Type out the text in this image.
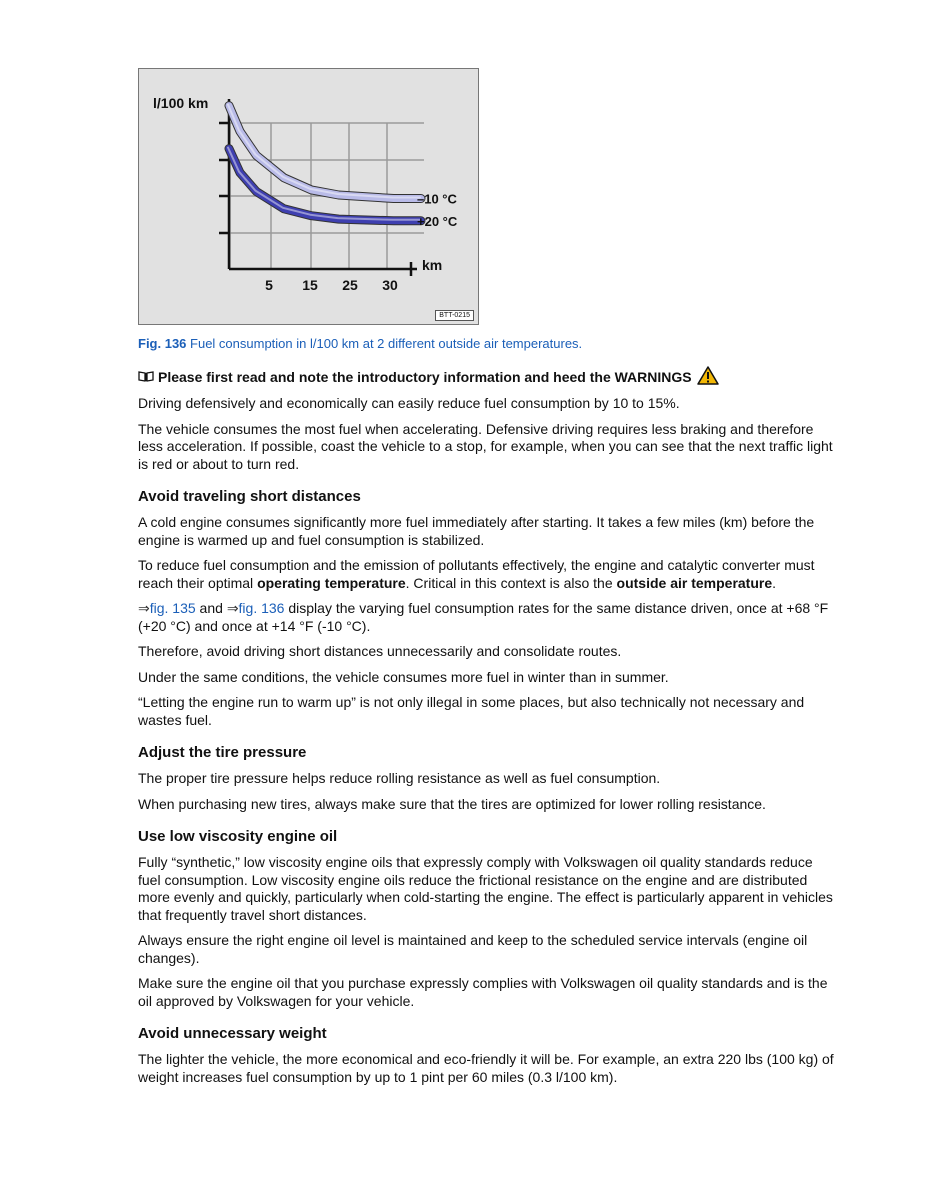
l/100 km
km
5 15 25 30
–10 °C
+20 °C
BTT-0215
Fig. 136 Fuel consumption in l/100 km at 2 different outside air temperatures.
Please first read and note the introductory information and heed the WARNINGS

Driving defensively and economically can easily reduce fuel consumption by 10 to 15%.

The vehicle consumes the most fuel when accelerating. Defensive driving requires less braking and therefore less acceleration. If possible, coast the vehicle to a stop, for example, when you can see that the next traffic light is red or about to turn red.

Avoid traveling short distances

A cold engine consumes significantly more fuel immediately after starting. It takes a few miles (km) before the engine is warmed up and fuel consumption is stabilized.

To reduce fuel consumption and the emission of pollutants effectively, the engine and catalytic converter must reach their optimal operating temperature. Critical in this context is also the outside air temperature.

⇒fig. 135 and ⇒fig. 136 display the varying fuel consumption rates for the same distance driven, once at +68 °F (+20 °C) and once at +14 °F (-10 °C).

Therefore, avoid driving short distances unnecessarily and consolidate routes.

Under the same conditions, the vehicle consumes more fuel in winter than in summer.

“Letting the engine run to warm up” is not only illegal in some places, but also technically not necessary and wastes fuel.

Adjust the tire pressure

The proper tire pressure helps reduce rolling resistance as well as fuel consumption.

When purchasing new tires, always make sure that the tires are optimized for lower rolling resistance.

Use low viscosity engine oil

Fully “synthetic,” low viscosity engine oils that expressly comply with Volkswagen oil quality standards reduce fuel consumption. Low viscosity engine oils reduce the frictional resistance on the engine and are distributed more evenly and quickly, particularly when cold-starting the engine. The effect is particularly apparent in vehicles that frequently travel short distances.

Always ensure the right engine oil level is maintained and keep to the scheduled service intervals (engine oil changes).

Make sure the engine oil that you purchase expressly complies with Volkswagen oil quality standards and is the oil approved by Volkswagen for your vehicle.

Avoid unnecessary weight

The lighter the vehicle, the more economical and eco-friendly it will be. For example, an extra 220 lbs (100 kg) of weight increases fuel consumption by up to 1 pint per 60 miles (0.3 l/100 km).
